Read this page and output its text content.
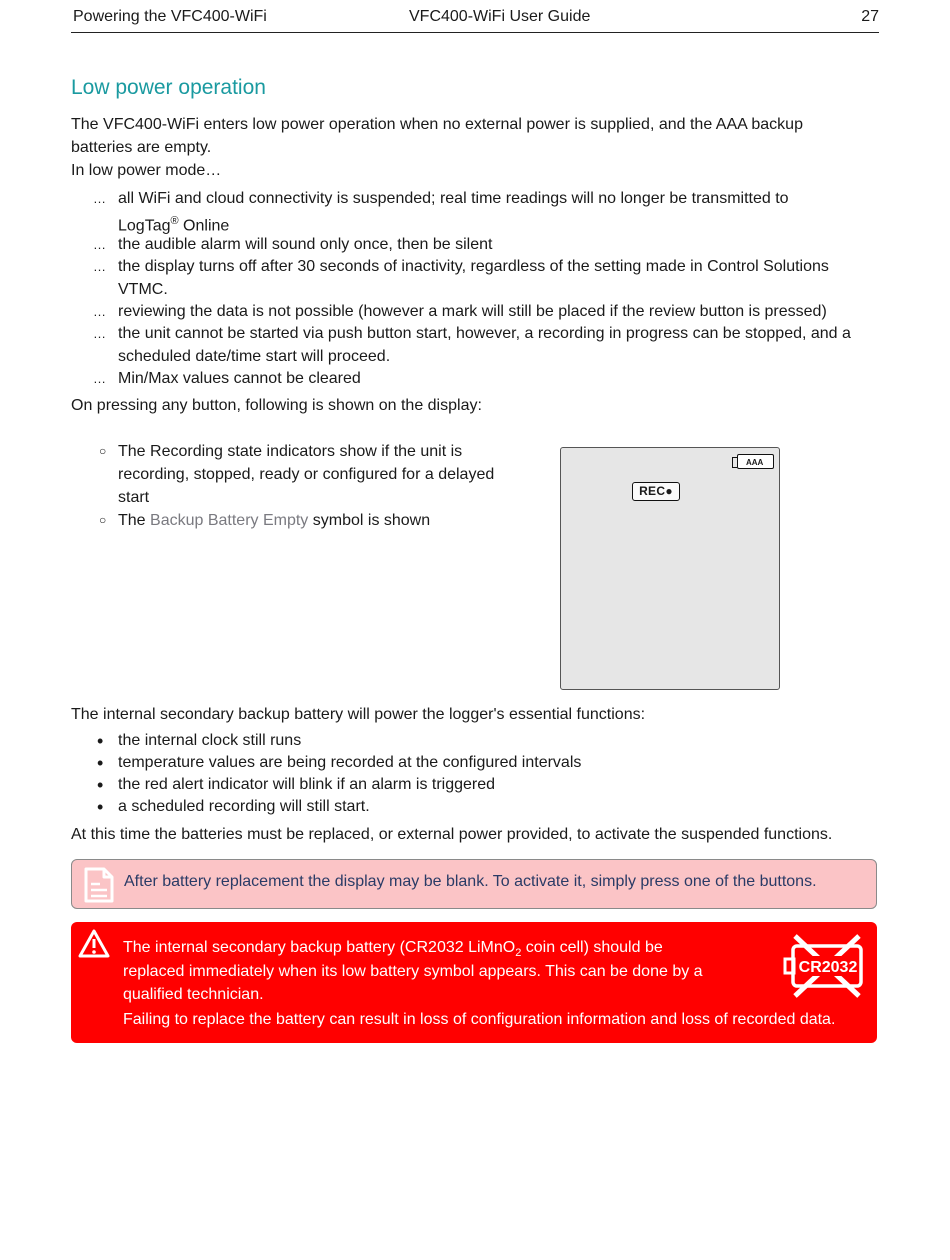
Powering the VFC400-WiFi	VFC400-WiFi User Guide	27
Low power operation
The VFC400-WiFi enters low power operation when no external power is supplied, and the AAA backup
batteries are empty.
In low power mode…
… all WiFi and cloud connectivity is suspended; real time readings will no longer be transmitted to
LogTag® Online
… the audible alarm will sound only once, then be silent
… the display turns off after 30 seconds of inactivity, regardless of the setting made in Control Solutions
VTMC.
… reviewing the data is not possible (however a mark will still be placed if the review button is pressed)
… the unit cannot be started via push button start, however, a recording in progress can be stopped, and a
scheduled date/time start will proceed.
… Min/Max values cannot be cleared
On pressing any button, following is shown on the display:
○ The Recording state indicators show if the unit is
recording, stopped, ready or configured for a delayed
start
○ The Backup Battery Empty symbol is shown
AAA
REC●
The internal secondary backup battery will power the logger's essential functions:
• the internal clock still runs
• temperature values are being recorded at the configured intervals
• the red alert indicator will blink if an alarm is triggered
• a scheduled recording will still start.
At this time the batteries must be replaced, or external power provided, to activate the suspended functions.
After battery replacement the display may be blank. To activate it, simply press one of the buttons.
The internal secondary backup battery (CR2032 LiMnO$_2$ coin cell) should be
replaced immediately when its low battery symbol appears. This can be done by a
qualified technician.
Failing to replace the battery can result in loss of configuration information and loss of recorded data.
CR2032
